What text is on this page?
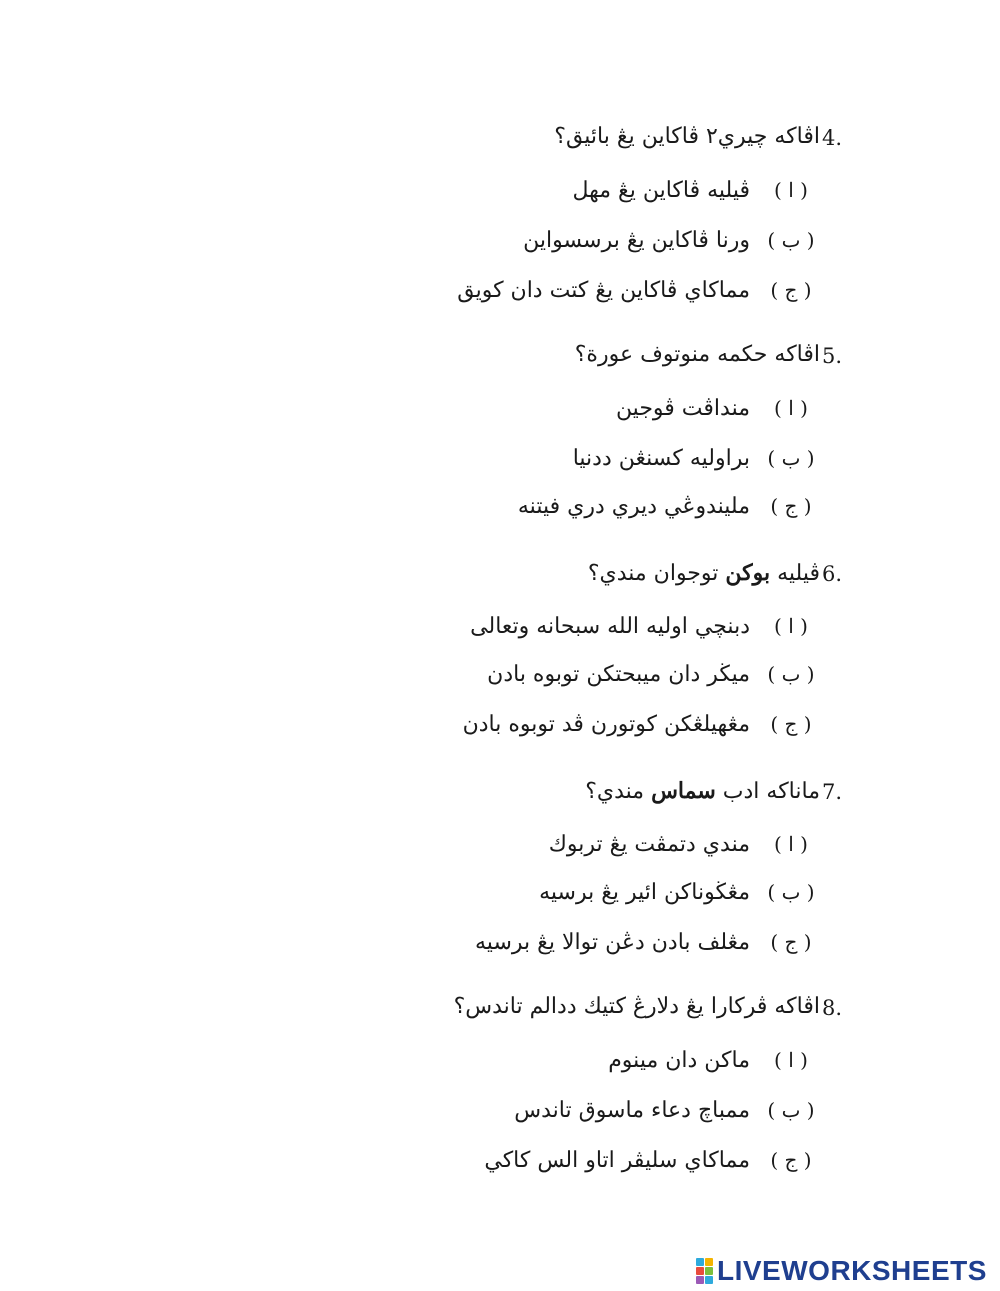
4.
اڤاكه چيري٢ ڤاكاين يڠ بائيق؟
( ا )
ڤيليه ڤاكاين يڠ مهل
( ب )
ورنا ڤاكاين يڠ برسسواين
( ج )
مماكاي ڤاكاين يڠ كتت دان كويق
5.
اڤاكه حكمه منوتوف عورة؟
( ا )
منداڤت ڤوجين
( ب )
براوليه كسنڠن ددنيا
( ج )
مليندوڠي ديري دري فيتنه
6.
ڤيليه بوكن توجوان مندي؟
( ا )
دبنچي اوليه الله سبحانه وتعالى
( ب )
ميڬر دان ميبحتكن توبوه بادن
( ج )
مڠهيلڠكن كوتورن ڤد توبوه بادن
7.
ماناكه ادب سماس مندي؟
( ا )
مندي دتمڤت يڠ تربوك
( ب )
مڠڬوناكن ائير يڠ برسيه
( ج )
مڠلف بادن دڠن توالا يڠ برسيه
8.
اڤاكه ڤركارا يڠ دلارڠ كتيك ددالم تاندس؟
( ا )
ماكن دان مينوم
( ب )
ممباچ دعاء ماسوق تاندس
( ج )
مماكاي سليڤر اتاو الس كاكي
LIVEWORKSHEETS
